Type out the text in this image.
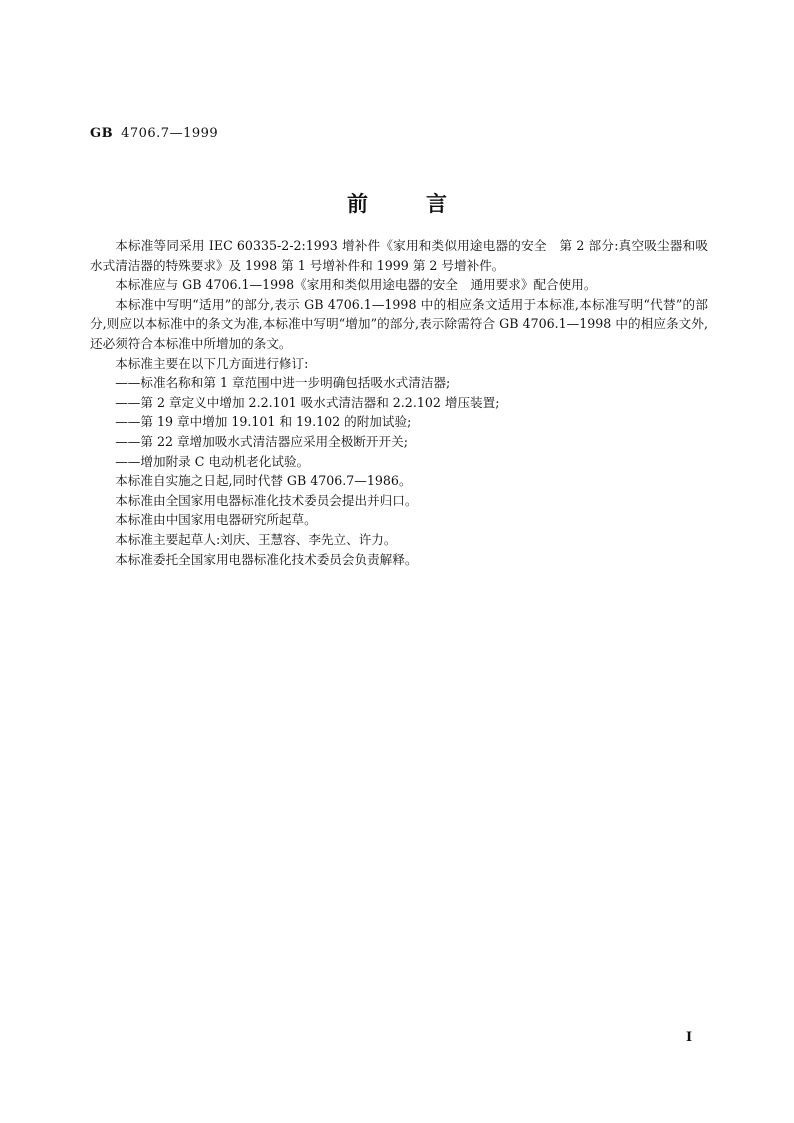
GB 4706.7—1999
前言

本标准等同采用 IEC 60335-2-2:1993 增补件《家用和类似用途电器的安全　第 2 部分:真空吸尘器和吸水式清洁器的特殊要求》及 1998 第 1 号增补件和 1999 第 2 号增补件。

本标准应与 GB 4706.1—1998《家用和类似用途电器的安全　通用要求》配合使用。

本标准中写明“适用”的部分,表示 GB 4706.1—1998 中的相应条文适用于本标准,本标准写明“代替”的部分,则应以本标准中的条文为准,本标准中写明“增加”的部分,表示除需符合 GB 4706.1—1998 中的相应条文外,还必须符合本标准中所增加的条文。

本标准主要在以下几方面进行修订:

——标准名称和第 1 章范围中进一步明确包括吸水式清洁器;

——第 2 章定义中增加 2.2.101 吸水式清洁器和 2.2.102 增压装置;

——第 19 章中增加 19.101 和 19.102 的附加试验;

——第 22 章增加吸水式清洁器应采用全极断开开关;

——增加附录 C 电动机老化试验。

本标准自实施之日起,同时代替 GB 4706.7—1986。

本标准由全国家用电器标准化技术委员会提出并归口。

本标准由中国家用电器研究所起草。

本标准主要起草人:刘庆、王慧容、李先立、许力。

本标准委托全国家用电器标准化技术委员会负责解释。

Ⅰ
